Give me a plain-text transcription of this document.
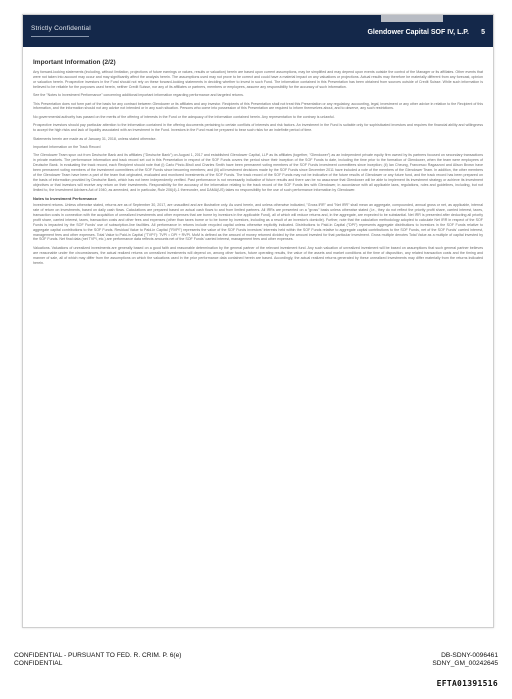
Strictly Confidential
Glendower Capital SOF IV, L.P. 5
Important Information (2/2)

Any forward-looking statements (including, without limitation, projections of future earnings or values, results or valuation) herein are based upon current assumptions, may be simplified and may depend upon events outside the control of the Manager or its affiliates. Other events that were not taken into account may occur and may significantly affect the analysis herein. The assumptions used may not prove to be correct and could have a material impact on any valuations or projections. Actual results may therefore be materially different from any forecast, opinion or valuation herein. Prospective investors in the Fund should not rely on these forward-looking statements in deciding whether to invest in such Fund. The information contained in this Presentation has been obtained from sources outside of Credit Suisse. While such information is believed to be reliable for the purposes used herein, neither Credit Suisse, nor any of its affiliates or partners, members or employees, assume any responsibility for the accuracy of such information.

See the "Notes to Investment Performance" concerning additional important information regarding performance and targeted returns.

This Presentation does not form part of the basis for any contract between Glendower or its affiliates and any investor. Recipients of this Presentation shall not treat this Presentation or any regulatory, accounting, legal, investment or any other advice in relation to the Recipient of this information, and the information should not any advice not intended or in any such situation. Persons who come into possession of this Presentation are required to inform themselves about, and to observe, any such restrictions.

No governmental authority has passed on the merits of the offering of interests in the Fund or the adequacy of the information contained herein. Any representation to the contrary is unlawful.

Prospective investors should pay particular attention to the information contained in the offering documents pertaining to certain conflicts of interests and risk factors. An investment in the Fund is suitable only for sophisticated investors and requires the financial ability and willingness to accept the high risks and lack of liquidity associated with an investment in the Fund. Investors in the Fund must be prepared to bear such risks for an indefinite period of time.

Statements herein are made as of January 31, 2018, unless stated otherwise.

Important Information on the Track Record

The Glendower Team spun out from Deutsche Bank and its affiliates ("Deutsche Bank") on August 1, 2017 and established Glendower Capital, LLP as its affiliates (together, "Glendower") as an independent private equity firm owned by its partners focused on secondary transactions in private markets. The performance information and track record set out in this Presentation in respect of the SOF Funds covers the period since their inception of the SOF Funds to date, including the time prior to the formation of Glendower, when the team were employees of Deutsche Bank. In evaluating the track record, each Recipient should note that (i) Carlo Pirzio-Biroli and Charles Smith have been permanent voting members of the SOF Funds investment committees since inception; (ii) Ian Cheung, Francesco Ragazzoni and Alison Brown have been permanent voting members of the investment committees of the SOF Funds since becoming members; and (iii) all investment decisions made by the SOF Funds since December 2011 have included a vote of the members of the Glendower Team. In addition, the other members of the Glendower Team have been a part of the team that originated, evaluated and monitored investments of the SOF Funds. The track record of the SOF Funds may not be indicative of the future results of Glendower or any future fund, and the track record has been prepared on the basis of information provided by Deutsche Bank, which has not been independently verified. Past performance is not necessarily indicative of future results and there can be no assurance that Glendower will be able to implement its investment strategy or achieve its investment objectives or that investors will receive any return on their investments. Responsibility for the accuracy of the information relating to the track record of the SOF Funds lies with Glendower, in accordance with all applicable laws, regulations, rules and guidelines, including, but not limited to, the Investment Advisers Act of 1940, as amended, and in particular, Rule 206(4)-1 thereunder, and DAMA(US) takes no responsibility for the use of such performance information by Glendower.

Notes to Investment Performance

Investment returns. Unless otherwise stated, returns are as of September 30, 2017, are unaudited and are illustrative only. As used herein, and unless otherwise indicated, "Gross IRR" and "Net IRR" shall mean an aggregate, compounded, annual gross or net, as applicable, internal rate of return on investments, based on daily cash flows. Calculations are prepared based on actual cash flows to and from limited partners. All IRRs are presented on a "gross" basis unless otherwise stated (i.e., they do not reflect the priority profit share, carried interest, taxes, transaction costs in connection with the acquisition of unrealized investments and other expenses that are borne by investors in the applicable Fund), all of which will reduce returns and, in the aggregate, are expected to be substantial. Net IRR is presented after deducting all priority profit share, carried interest, taxes, transaction costs and other fees and expenses (other than taxes borne or to be borne by investors, including as a result of an investor's domicile). Further, note that the calculation methodology adopted to calculate Net IRR in respect of the SOF Funds is impacted by the SOF Funds' use of subscription-line facilities. All performance in returns include recycled capital unless otherwise explicitly indicated. Distributions to Paid-in Capital ("DPI") represents aggregate distributions to investors in the SOF Funds relative to aggregate capital contributions to the SOF Funds. Residual Value to Paid-in Capital ("RVPI") represents the value of the SOF Funds investors' interests held within the SOF Funds relative to aggregate capital contributions to the SOF Funds, net of the SOF Funds' carried interest, management fees and other expenses. Total Value to Paid-in Capital ("TVPI"): TVPI = DPI + RVPI. MoM is defined as the amount of money returned divided by the amount invested for that particular investment. Gross multiple denotes Total Value as a multiple of capital invested by the SOF Funds. Net final data (net TVPI, etc.) are performance data reflects amounts net of the SOF Funds' carried interest, management fees and other expenses.

Valuations. Valuations of unrealized investments are generally based on a good faith and reasonable determination by the general partner of the relevant investment fund. Any such valuation of unrealized investment will be based on assumptions that such general partner believes are reasonable under the circumstances, the actual realized returns on unrealized investments will depend on, among other factors, future operating results, the value of the assets and market conditions at the time of disposition, any related transaction costs and the timing and manner of sale, all of which may differ from the assumptions on which the valuations used in the prior performance data contained herein are based. Accordingly, the actual realized returns generated by these unrealized investments may differ materially from the returns indicated herein.

CONFIDENTIAL - PURSUANT TO FED. R. CRIM. P. 6(e)
CONFIDENTIAL
DB-SDNY-0096461
SDNY_GM_00242645
EFTA01391516
